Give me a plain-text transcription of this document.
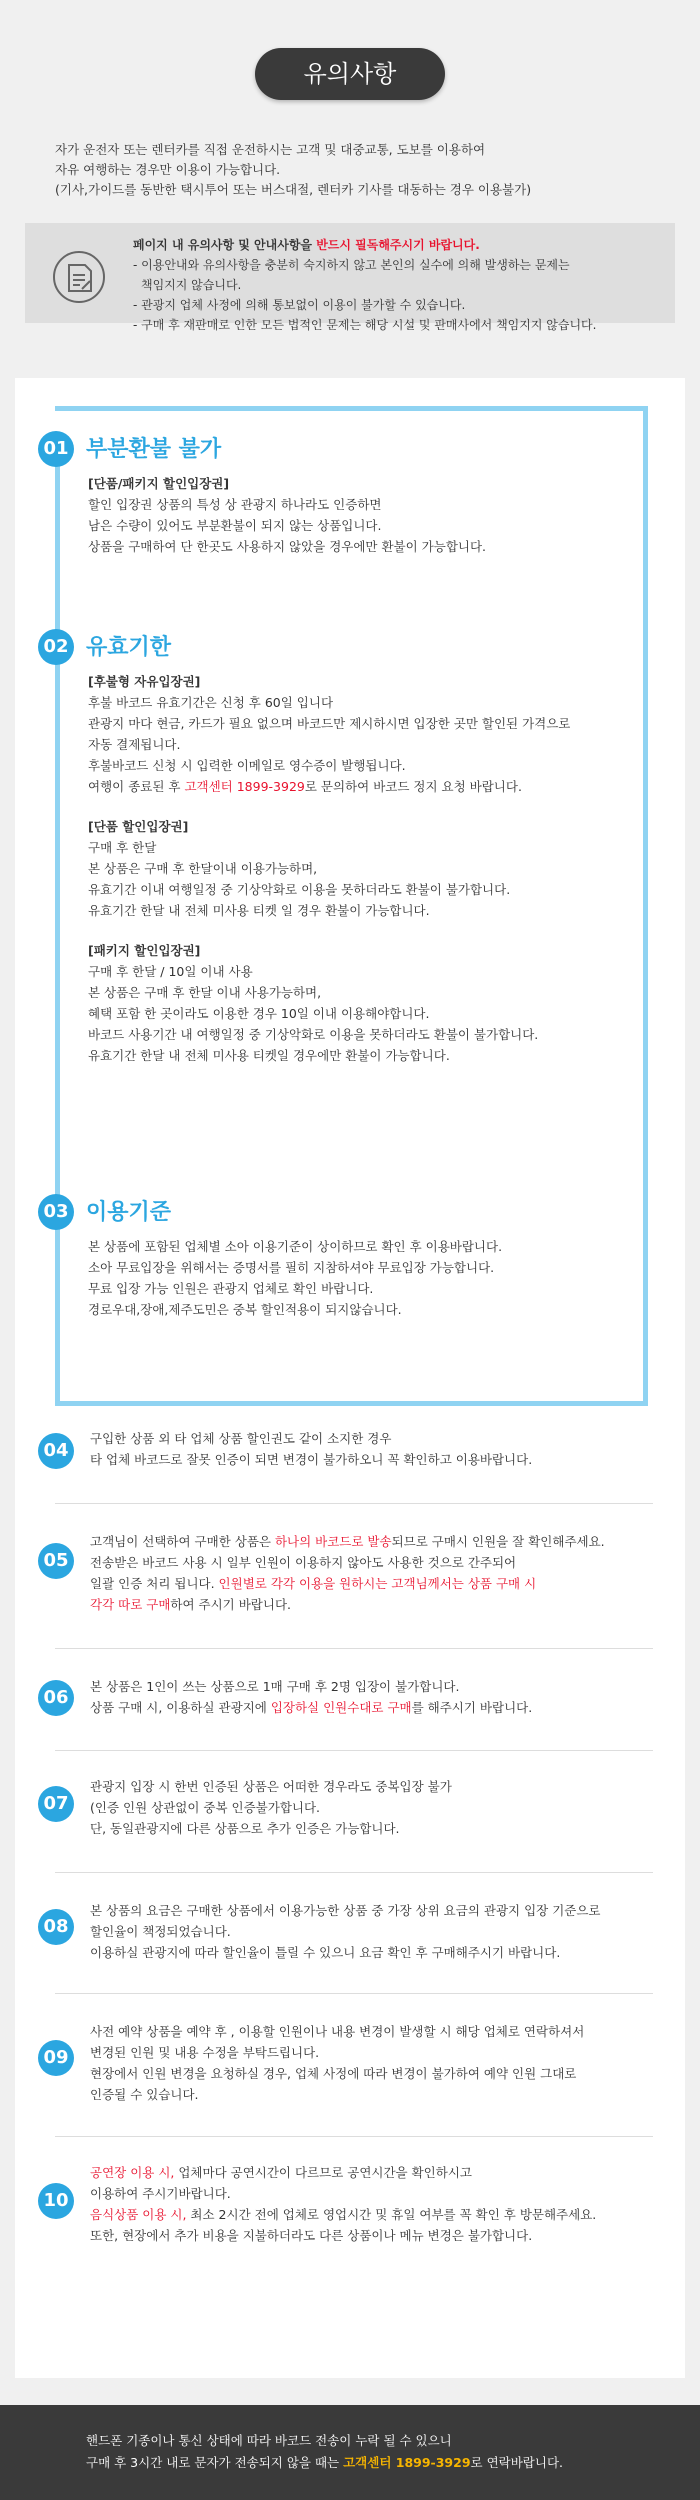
유의사항
자가 운전자 또는 렌터카를 직접 운전하시는 고객 및 대중교통, 도보를 이용하여
자유 여행하는 경우만 이용이 가능합니다.
(기사,가이드를 동반한 택시투어 또는 버스대절, 렌터카 기사를 대동하는 경우 이용불가)
페이지 내 유의사항 및 안내사항을 반드시 필독해주시기 바랍니다.
- 이용안내와 유의사항을 충분히 숙지하지 않고 본인의 실수에 의해 발생하는 문제는
책임지지 않습니다.
- 관광지 업체 사정에 의해 통보없이 이용이 불가할 수 있습니다.
- 구매 후 재판매로 인한 모든 법적인 문제는 해당 시설 및 판매사에서 책임지지 않습니다.
01 부분환불 불가
[단품/패키지 할인입장권]
할인 입장권 상품의 특성 상 관광지 하나라도 인증하면
남은 수량이 있어도 부분환불이 되지 않는 상품입니다.
상품을 구매하여 단 한곳도 사용하지 않았을 경우에만 환불이 가능합니다.
02 유효기한
[후불형 자유입장권]
후불 바코드 유효기간은 신청 후 60일 입니다
관광지 마다 현금, 카드가 필요 없으며 바코드만 제시하시면 입장한 곳만 할인된 가격으로
자동 결제됩니다.
후불바코드 신청 시 입력한 이메일로 영수증이 발행됩니다.
여행이 종료된 후 고객센터 1899-3929로 문의하여 바코드 정지 요청 바랍니다.
[단품 할인입장권]
구매 후 한달
본 상품은 구매 후 한달이내 이용가능하며,
유효기간 이내 여행일정 중 기상악화로 이용을 못하더라도 환불이 불가합니다.
유효기간 한달 내 전체 미사용 티켓 일 경우 환불이 가능합니다.
[패키지 할인입장권]
구매 후 한달 / 10일 이내 사용
본 상품은 구매 후 한달 이내 사용가능하며,
혜택 포함 한 곳이라도 이용한 경우 10일 이내 이용해야합니다.
바코드 사용기간 내 여행일정 중 기상악화로 이용을 못하더라도 환불이 불가합니다.
유효기간 한달 내 전체 미사용 티켓일 경우에만 환불이 가능합니다.
03 이용기준
본 상품에 포함된 업체별 소아 이용기준이 상이하므로 확인 후 이용바랍니다.
소아 무료입장을 위해서는 증명서를 필히 지참하셔야 무료입장 가능합니다.
무료 입장 가능 인원은 관광지 업체로 확인 바랍니다.
경로우대,장애,제주도민은 중복 할인적용이 되지않습니다.
04
구입한 상품 외 타 업체 상품 할인권도 같이 소지한 경우
타 업체 바코드로 잘못 인증이 되면 변경이 불가하오니 꼭 확인하고 이용바랍니다.
05
고객님이 선택하여 구매한 상품은 하나의 바코드로 발송되므로 구매시 인원을 잘 확인해주세요.
전송받은 바코드 사용 시 일부 인원이 이용하지 않아도 사용한 것으로 간주되어
일괄 인증 처리 됩니다. 인원별로 각각 이용을 원하시는 고객님께서는 상품 구매 시
각각 따로 구매하여 주시기 바랍니다.
06
본 상품은 1인이 쓰는 상품으로 1매 구매 후 2명 입장이 불가합니다.
상품 구매 시, 이용하실 관광지에 입장하실 인원수대로 구매를 해주시기 바랍니다.
07
관광지 입장 시 한번 인증된 상품은 어떠한 경우라도 중복입장 불가
(인증 인원 상관없이 중복 인증불가합니다.
단, 동일관광지에 다른 상품으로 추가 인증은 가능합니다.
08
본 상품의 요금은 구매한 상품에서 이용가능한 상품 중 가장 상위 요금의 관광지 입장 기준으로
할인율이 책정되었습니다.
이용하실 관광지에 따라 할인율이 틀릴 수 있으니 요금 확인 후 구매해주시기 바랍니다.
09
사전 예약 상품을 예약 후 , 이용할 인원이나 내용 변경이 발생할 시 해당 업체로 연락하셔서
변경된 인원 및 내용 수정을 부탁드립니다.
현장에서 인원 변경을 요청하실 경우, 업체 사정에 따라 변경이 불가하여 예약 인원 그대로
인증될 수 있습니다.
10
공연장 이용 시, 업체마다 공연시간이 다르므로 공연시간을 확인하시고
이용하여 주시기바랍니다.
음식상품 이용 시, 최소 2시간 전에 업체로 영업시간 및 휴일 여부를 꼭 확인 후 방문해주세요.
또한, 현장에서 추가 비용을 지불하더라도 다른 상품이나 메뉴 변경은 불가합니다.
핸드폰 기종이나 통신 상태에 따라 바코드 전송이 누락 될 수 있으니
구매 후 3시간 내로 문자가 전송되지 않을 때는 고객센터 1899-3929로 연락바랍니다.
